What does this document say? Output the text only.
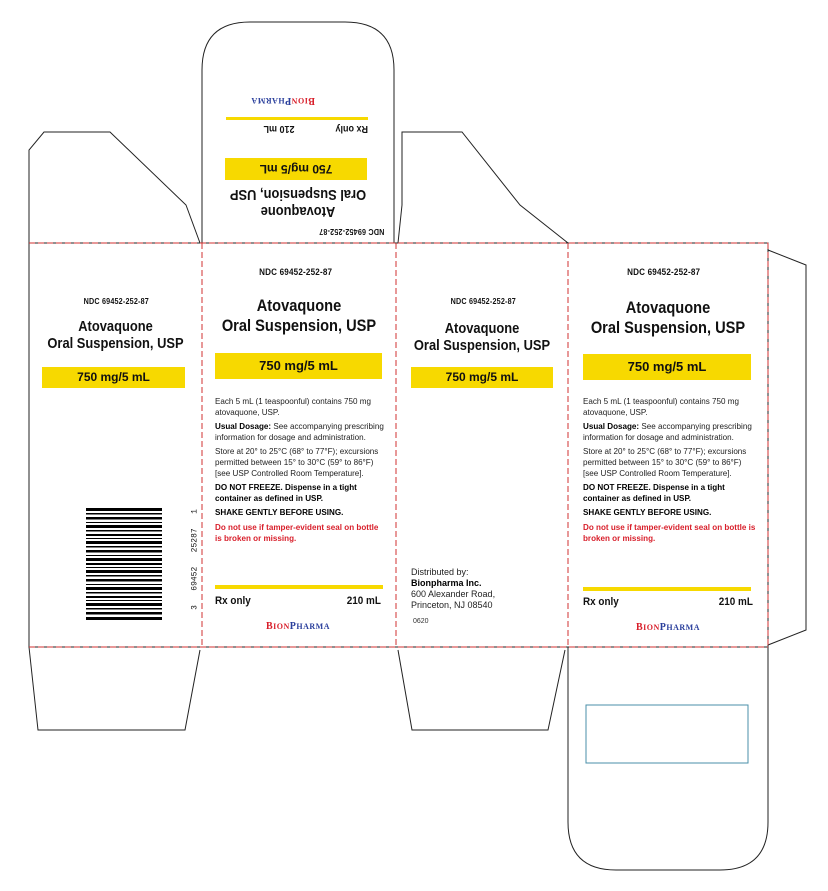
NDC 69452-252-87
Atovaquone
Oral Suspension, USP
750 mg/5 mL
Rx only
210 mL
BIONPHARMA
NDC 69452-252-87
Atovaquone
Oral Suspension, USP
750 mg/5 mL
3   69452   25287   1
NDC 69452-252-87
Atovaquone
Oral Suspension, USP
750 mg/5 mL

Each 5 mL (1 teaspoonful) contains 750 mg atovaquone, USP.

Usual Dosage: See accompanying prescribing information for dosage and administration.

Store at 20° to 25°C (68° to 77°F); excursions permitted between 15° to 30°C (59° to 86°F) [see USP Controlled Room Temperature].

DO NOT FREEZE. Dispense in a tight container as defined in USP.

SHAKE GENTLY BEFORE USING.

Do not use if tamper-evident seal on bottle is broken or missing.

Rx only	210 mL
BIONPHARMA
NDC 69452-252-87
Atovaquone
Oral Suspension, USP
750 mg/5 mL
Distributed by:
Bionpharma Inc.
600 Alexander Road,
Princeton, NJ 08540
0620
NDC 69452-252-87
Atovaquone
Oral Suspension, USP
750 mg/5 mL

Each 5 mL (1 teaspoonful) contains 750 mg atovaquone, USP.

Usual Dosage: See accompanying prescribing information for dosage and administration.

Store at 20° to 25°C (68° to 77°F); excursions permitted between 15° to 30°C (59° to 86°F) [see USP Controlled Room Temperature].

DO NOT FREEZE. Dispense in a tight container as defined in USP.

SHAKE GENTLY BEFORE USING.

Do not use if tamper-evident seal on bottle is broken or missing.

Rx only	210 mL
BIONPHARMA
